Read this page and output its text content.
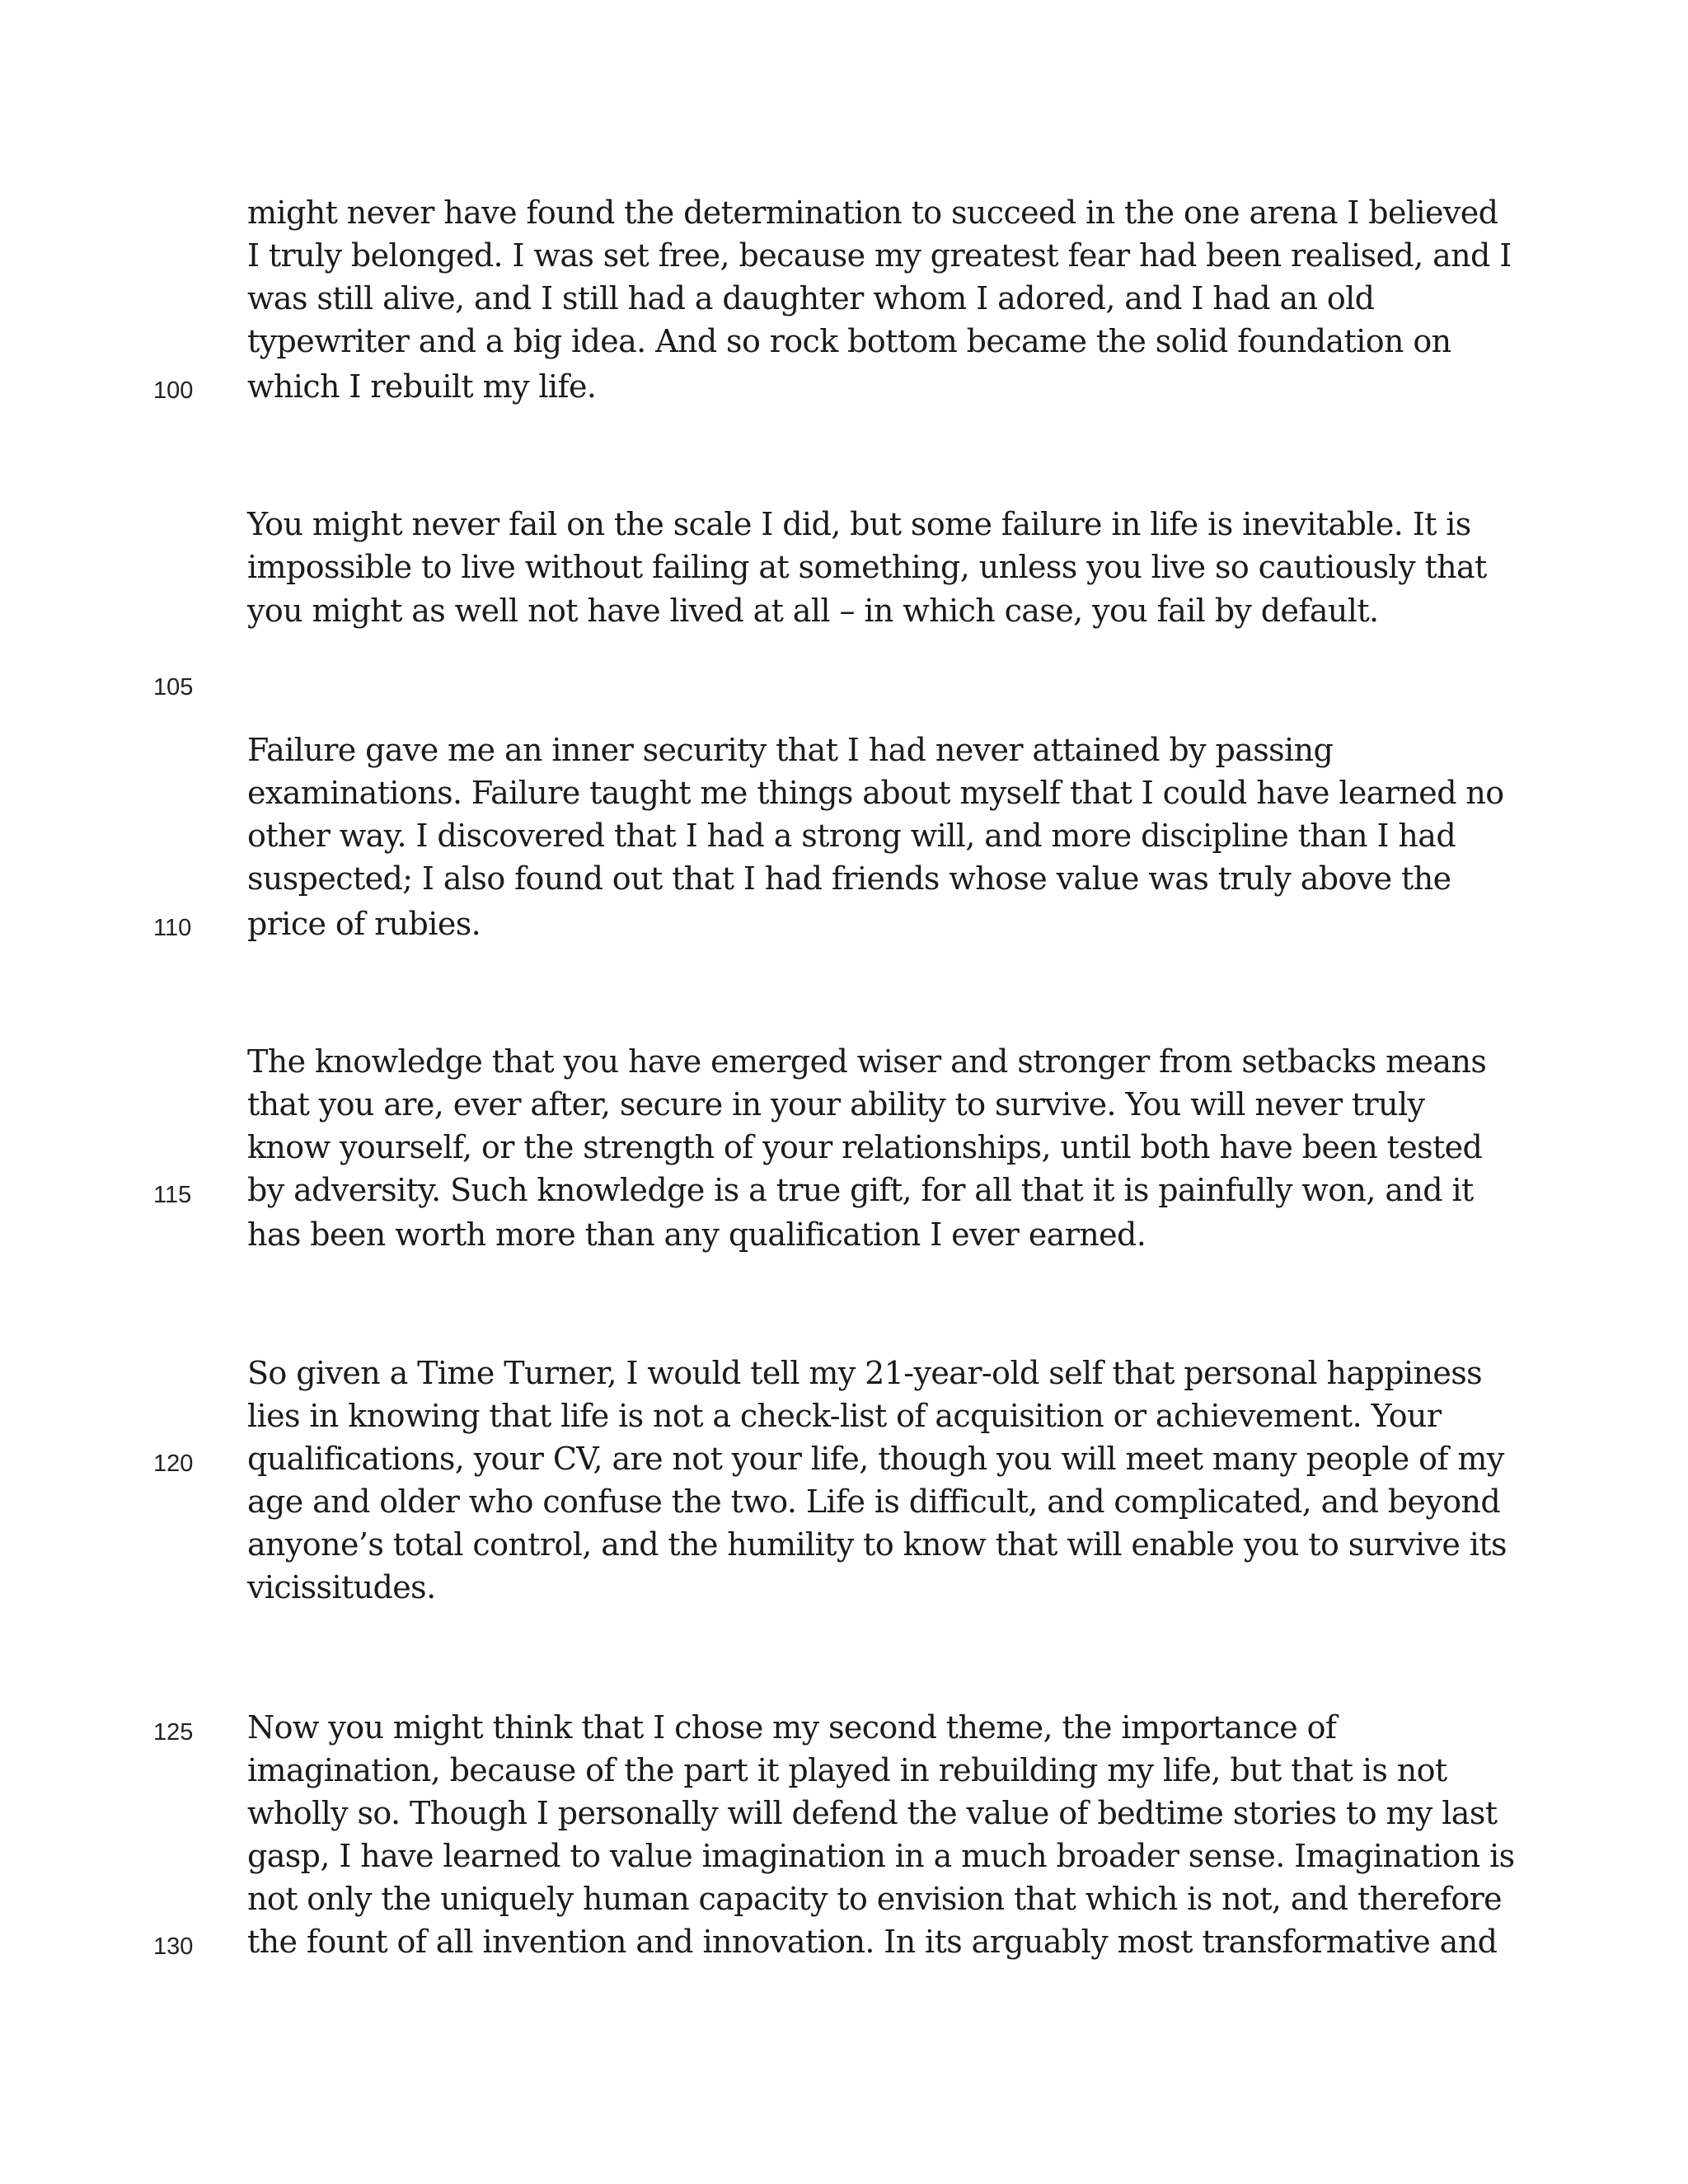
might never have found the determination to succeed in the one arena I believed
I truly belonged. I was set free, because my greatest fear had been realised, and I
was still alive, and I still had a daughter whom I adored, and I had an old
typewriter and a big idea. And so rock bottom became the solid foundation on
which I rebuilt my life.
100
You might never fail on the scale I did, but some failure in life is inevitable. It is
impossible to live without failing at something, unless you live so cautiously that
you might as well not have lived at all – in which case, you fail by default.
105
Failure gave me an inner security that I had never attained by passing
examinations. Failure taught me things about myself that I could have learned no
other way. I discovered that I had a strong will, and more discipline than I had
suspected; I also found out that I had friends whose value was truly above the
price of rubies.
110
The knowledge that you have emerged wiser and stronger from setbacks means
that you are, ever after, secure in your ability to survive. You will never truly
know yourself, or the strength of your relationships, until both have been tested
by adversity. Such knowledge is a true gift, for all that it is painfully won, and it
115
has been worth more than any qualification I ever earned.
So given a Time Turner, I would tell my 21-year-old self that personal happiness
lies in knowing that life is not a check-list of acquisition or achievement. Your
qualifications, your CV, are not your life, though you will meet many people of my
120
age and older who confuse the two. Life is difficult, and complicated, and beyond
anyone’s total control, and the humility to know that will enable you to survive its
vicissitudes.
Now you might think that I chose my second theme, the importance of
125
imagination, because of the part it played in rebuilding my life, but that is not
wholly so. Though I personally will defend the value of bedtime stories to my last
gasp, I have learned to value imagination in a much broader sense. Imagination is
not only the uniquely human capacity to envision that which is not, and therefore
the fount of all invention and innovation. In its arguably most transformative and
130
